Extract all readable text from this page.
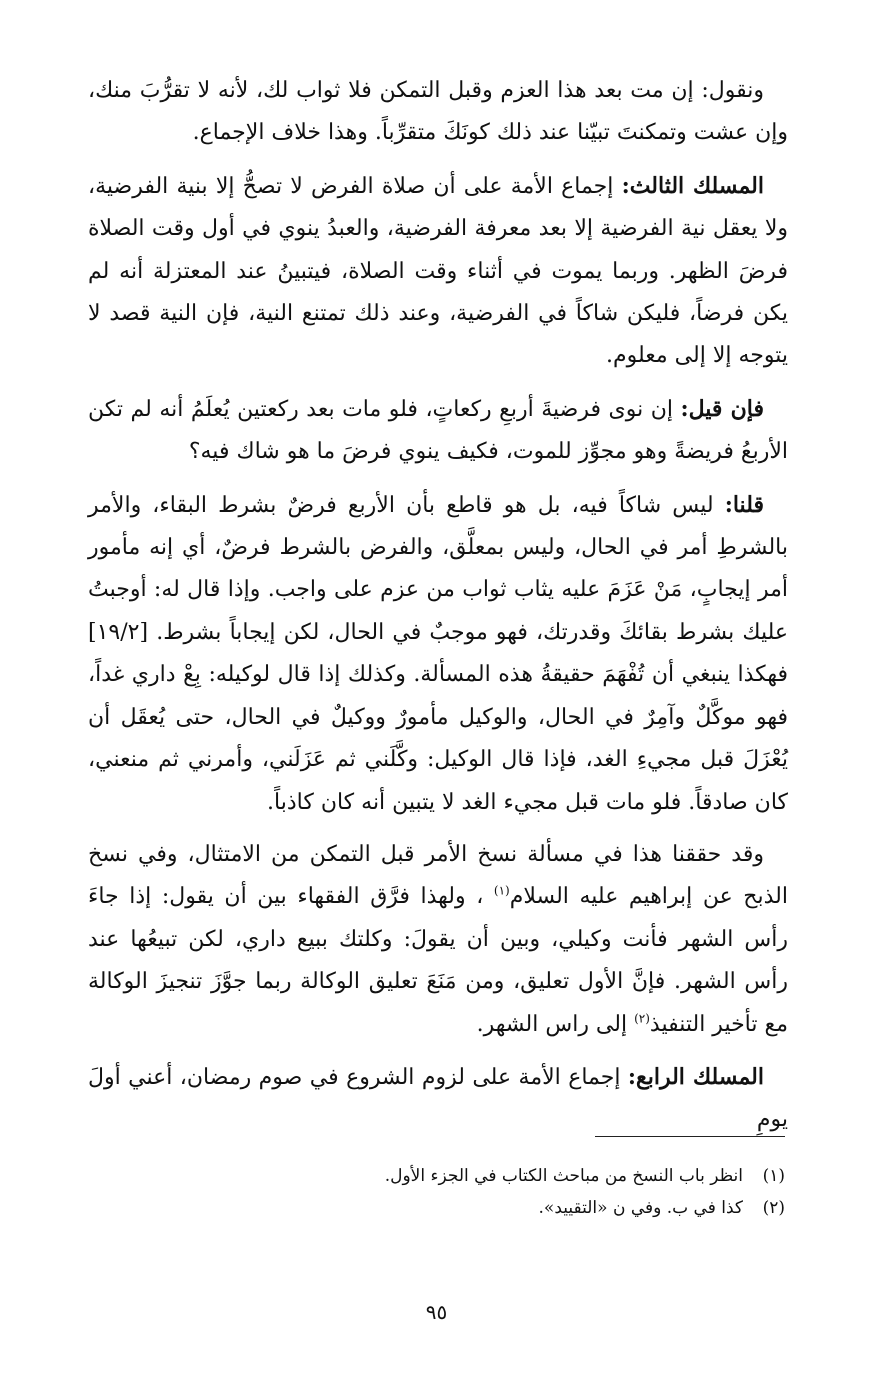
ونقول: إن مت بعد هذا العزم وقبل التمكن فلا ثواب لك، لأنه لا تقرُّبَ منك، وإن عشت وتمكنتَ تبيّنا عند ذلك كونَكَ متقرِّباً. وهذا خلاف الإجماع.

المسلك الثالث: إجماع الأمة على أن صلاة الفرض لا تصحُّ إلا بنية الفرضية، ولا يعقل نية الفرضية إلا بعد معرفة الفرضية، والعبدُ ينوي في أول وقت الصلاة فرضَ الظهر. وربما يموت في أثناء وقت الصلاة، فيتبينُ عند المعتزلة أنه لم يكن فرضاً، فليكن شاكاً في الفرضية، وعند ذلك تمتنع النية، فإن النية قصد لا يتوجه إلا إلى معلوم.

فإن قيل: إن نوى فرضيةَ أربعِ ركعاتٍ، فلو مات بعد ركعتين يُعلَمُ أنه لم تكن الأربعُ فريضةً وهو مجوِّز للموت، فكيف ينوي فرضَ ما هو شاك فيه؟

قلنا: ليس شاكاً فيه، بل هو قاطع بأن الأربع فرضٌ بشرط البقاء، والأمر بالشرطِ أمر في الحال، وليس بمعلَّق، والفرض بالشرط فرضٌ، أي إنه مأمور أمر إيجابٍ، مَنْ عَزَمَ عليه يثاب ثواب من عزم على واجب. وإذا قال له: أوجبتُ عليك بشرط بقائكَ وقدرتك، فهو موجبٌ في الحال، لكن إيجاباً بشرط. [١٩/٢] فهكذا ينبغي أن تُفْهَمَ حقيقةُ هذه المسألة. وكذلك إذا قال لوكيله: بِعْ داري غداً، فهو موكَّلٌ وآمِرٌ في الحال، والوكيل مأمورٌ ووكيلٌ في الحال، حتى يُعقَل أن يُعْزَلَ قبل مجيءِ الغد، فإذا قال الوكيل: وكَّلَني ثم عَزَلَني، وأمرني ثم منعني، كان صادقاً. فلو مات قبل مجيء الغد لا يتبين أنه كان كاذباً.

وقد حققنا هذا في مسألة نسخ الأمر قبل التمكن من الامتثال، وفي نسخ الذبح عن إبراهيم عليه السلام$^{(١)}$ ، ولهذا فرَّق الفقهاء بين أن يقول: إذا جاءَ رأس الشهر فأنت وكيلي، وبين أن يقولَ: وكلتك ببيع داري، لكن تبيعُها عند رأس الشهر. فإنَّ الأول تعليق، ومن مَنَعَ تعليق الوكالة ربما جوَّزَ تنجيزَ الوكالة مع تأخير التنفيذ$^{(٢)}$ إلى راس الشهر.

المسلك الرابع: إجماع الأمة على لزوم الشروع في صوم رمضان، أعني أولَ يومِ

(١)
انظر باب النسخ من مباحث الكتاب في الجزء الأول.
(٢)
كذا في ب. وفي ن «التقييد».
٩٥
